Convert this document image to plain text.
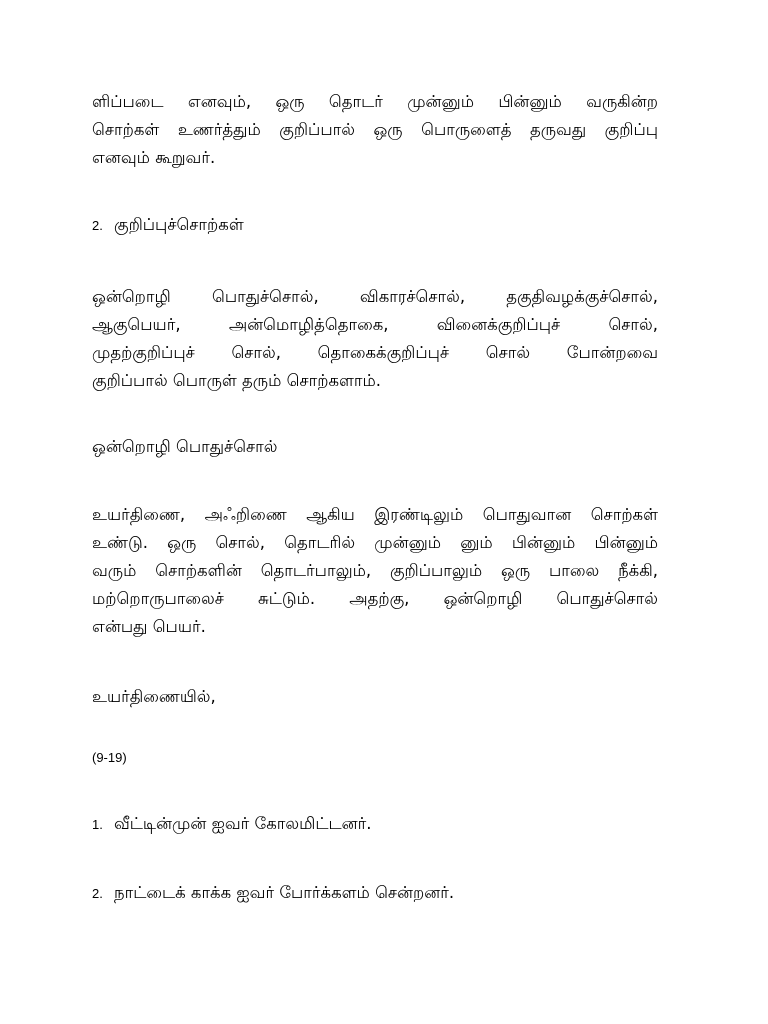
ளிப்படை எனவும், ஒரு தொடர் முன்னும் பின்னும் வருகின்ற
சொற்கள் உணர்த்தும் குறிப்பால் ஒரு பொருளைத் தருவது குறிப்பு
எனவும் கூறுவர்.
2. குறிப்புச்சொற்கள்
ஒன்றொழி பொதுச்சொல், விகாரச்சொல், தகுதிவழக்குச்சொல்,
ஆகுபெயர், அன்மொழித்தொகை, வினைக்குறிப்புச் சொல்,
முதற்குறிப்புச் சொல், தொகைக்குறிப்புச் சொல் போன்றவை
குறிப்பால் பொருள் தரும் சொற்களாம்.
ஒன்றொழி பொதுச்சொல்
உயர்திணை, அஃறிணை ஆகிய இரண்டிலும் பொதுவான சொற்கள்
உண்டு. ஒரு சொல், தொடரில் முன்னும் னும் பின்னும் பின்னும்
வரும் சொற்களின் தொடர்பாலும், குறிப்பாலும் ஒரு பாலை நீக்கி,
மற்றொருபாலைச் சுட்டும். அதற்கு, ஒன்றொழி பொதுச்சொல்
என்பது பெயர்.
உயர்திணையில்,
(9-19)
1. வீட்டின்முன் ஐவர் கோலமிட்டனர்.
2. நாட்டைக் காக்க ஐவர் போர்க்களம் சென்றனர்.
